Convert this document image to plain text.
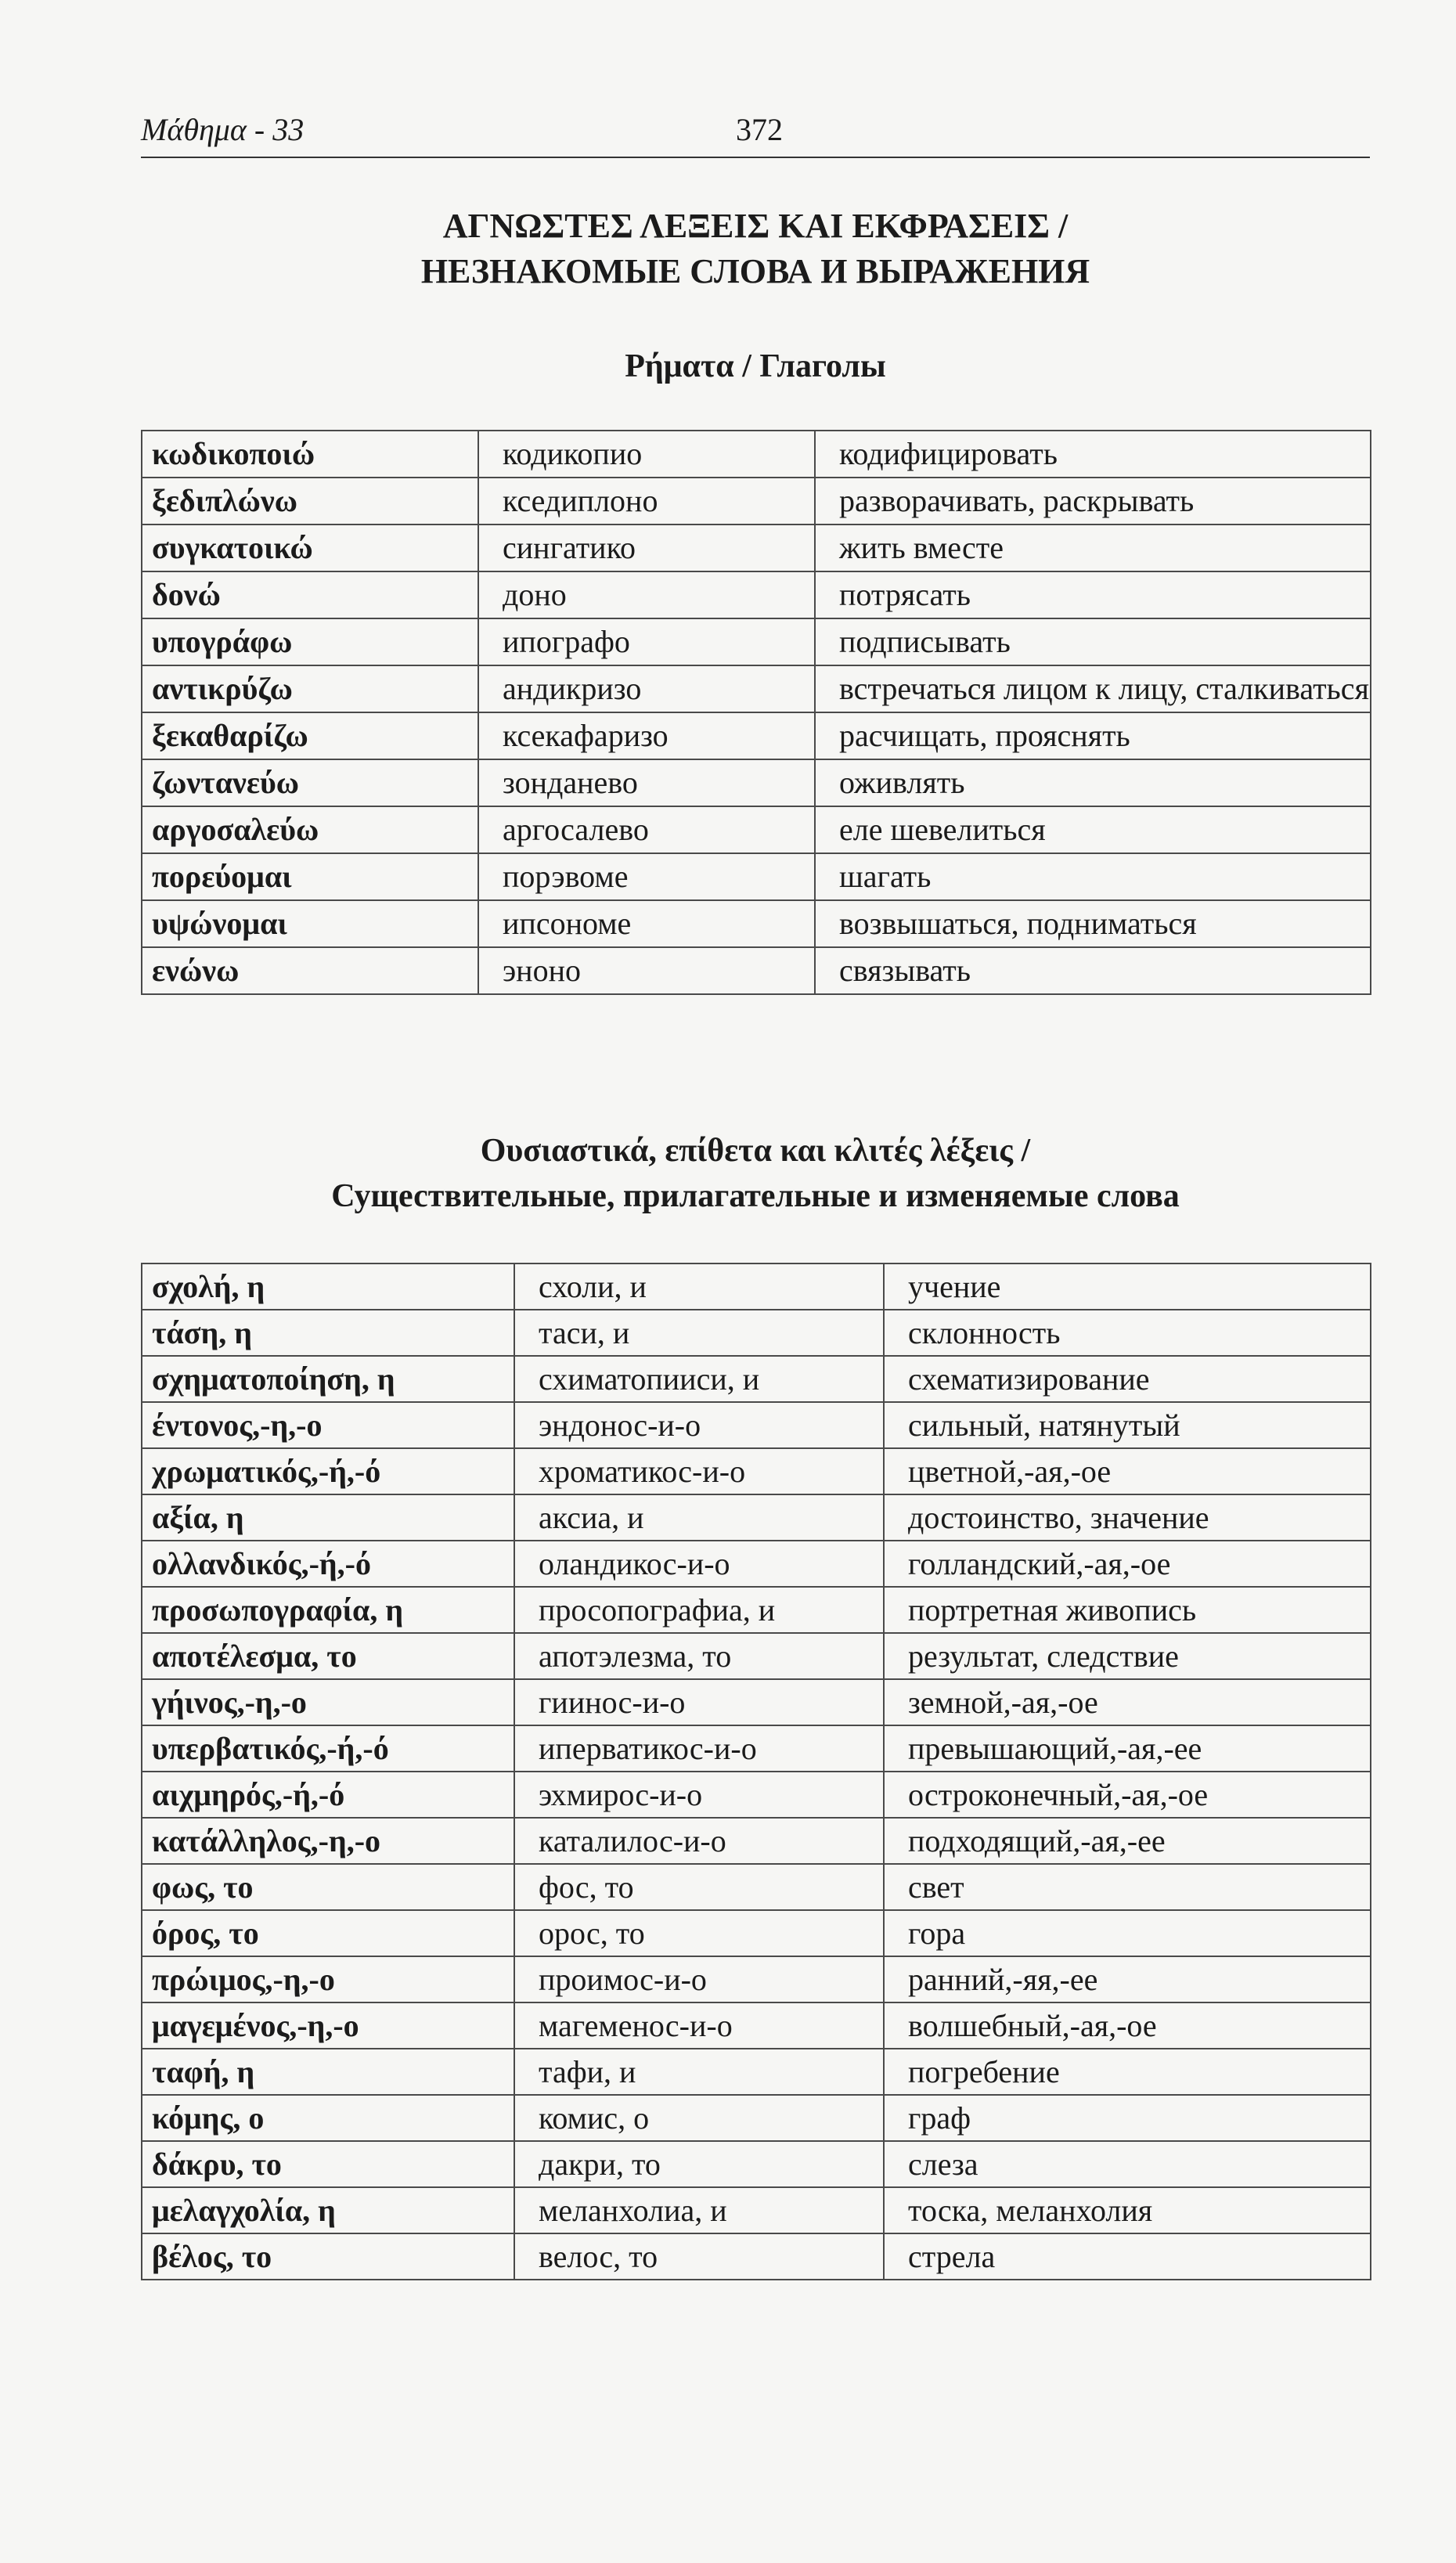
Μάθημα - 33	372
ΑΓΝΩΣΤΕΣ ΛΕΞΕΙΣ ΚΑΙ ΕΚΦΡΑΣΕΙΣ /
НЕЗНАКОМЫЕ СЛОВА И ВЫРАЖЕНИЯ
Ρήματα / Глаголы
κωδικοποιώ	кодикопио	кодифицировать
ξεδιπλώνω	кседиплоно	разворачивать, раскрывать
συγκατοικώ	сингатико	жить вместе
δονώ	доно	потрясать
υπογράφω	ипографо	подписывать
αντικρύζω	андикризо	встречаться лицом к лицу, сталкиваться
ξεκαθαρίζω	ксекафаризо	расчищать, прояснять
ζωντανεύω	зонданево	оживлять
αργοσαλεύω	аргосалево	еле шевелиться
πορεύομαι	порэвоме	шагать
υψώνομαι	ипсономе	возвышаться, подниматься
ενώνω	эноно	связывать
Ουσιαστικά, επίθετα και κλιτές λέξεις /
Существительные, прилагательные и изменяемые слова
σχολή, η	схоли, и	учение
τάση, η	таси, и	склонность
σχηματοποίηση, η	схиматопииси, и	схематизирование
έντονος,-η,-ο	эндонос-и-о	сильный, натянутый
χρωματικός,-ή,-ό	хроматикос-и-о	цветной,-ая,-ое
αξία, η	аксиа, и	достоинство, значение
ολλανδικός,-ή,-ό	оландикос-и-о	голландский,-ая,-ое
προσωπογραφία, η	просопографиа, и	портретная живопись
αποτέλεσμα, το	апотэлезма, то	результат, следствие
γήινος,-η,-ο	гиинос-и-о	земной,-ая,-ое
υπερβατικός,-ή,-ό	иперватикос-и-о	превышающий,-ая,-ее
αιχμηρός,-ή,-ό	эхмирос-и-о	остроконечный,-ая,-ое
κατάλληλος,-η,-ο	каталилос-и-о	подходящий,-ая,-ее
φως, το	фос, то	свет
όρος, το	орос, то	гора
πρώιμος,-η,-ο	проимос-и-о	ранний,-яя,-ее
μαγεμένος,-η,-ο	магеменос-и-о	волшебный,-ая,-ое
ταφή, η	тафи, и	погребение
κόμης, ο	комис, о	граф
δάκρυ, το	дакри, то	слеза
μελαγχολία, η	меланхолиа, и	тоска, меланхолия
βέλος, το	велос, то	стрела
